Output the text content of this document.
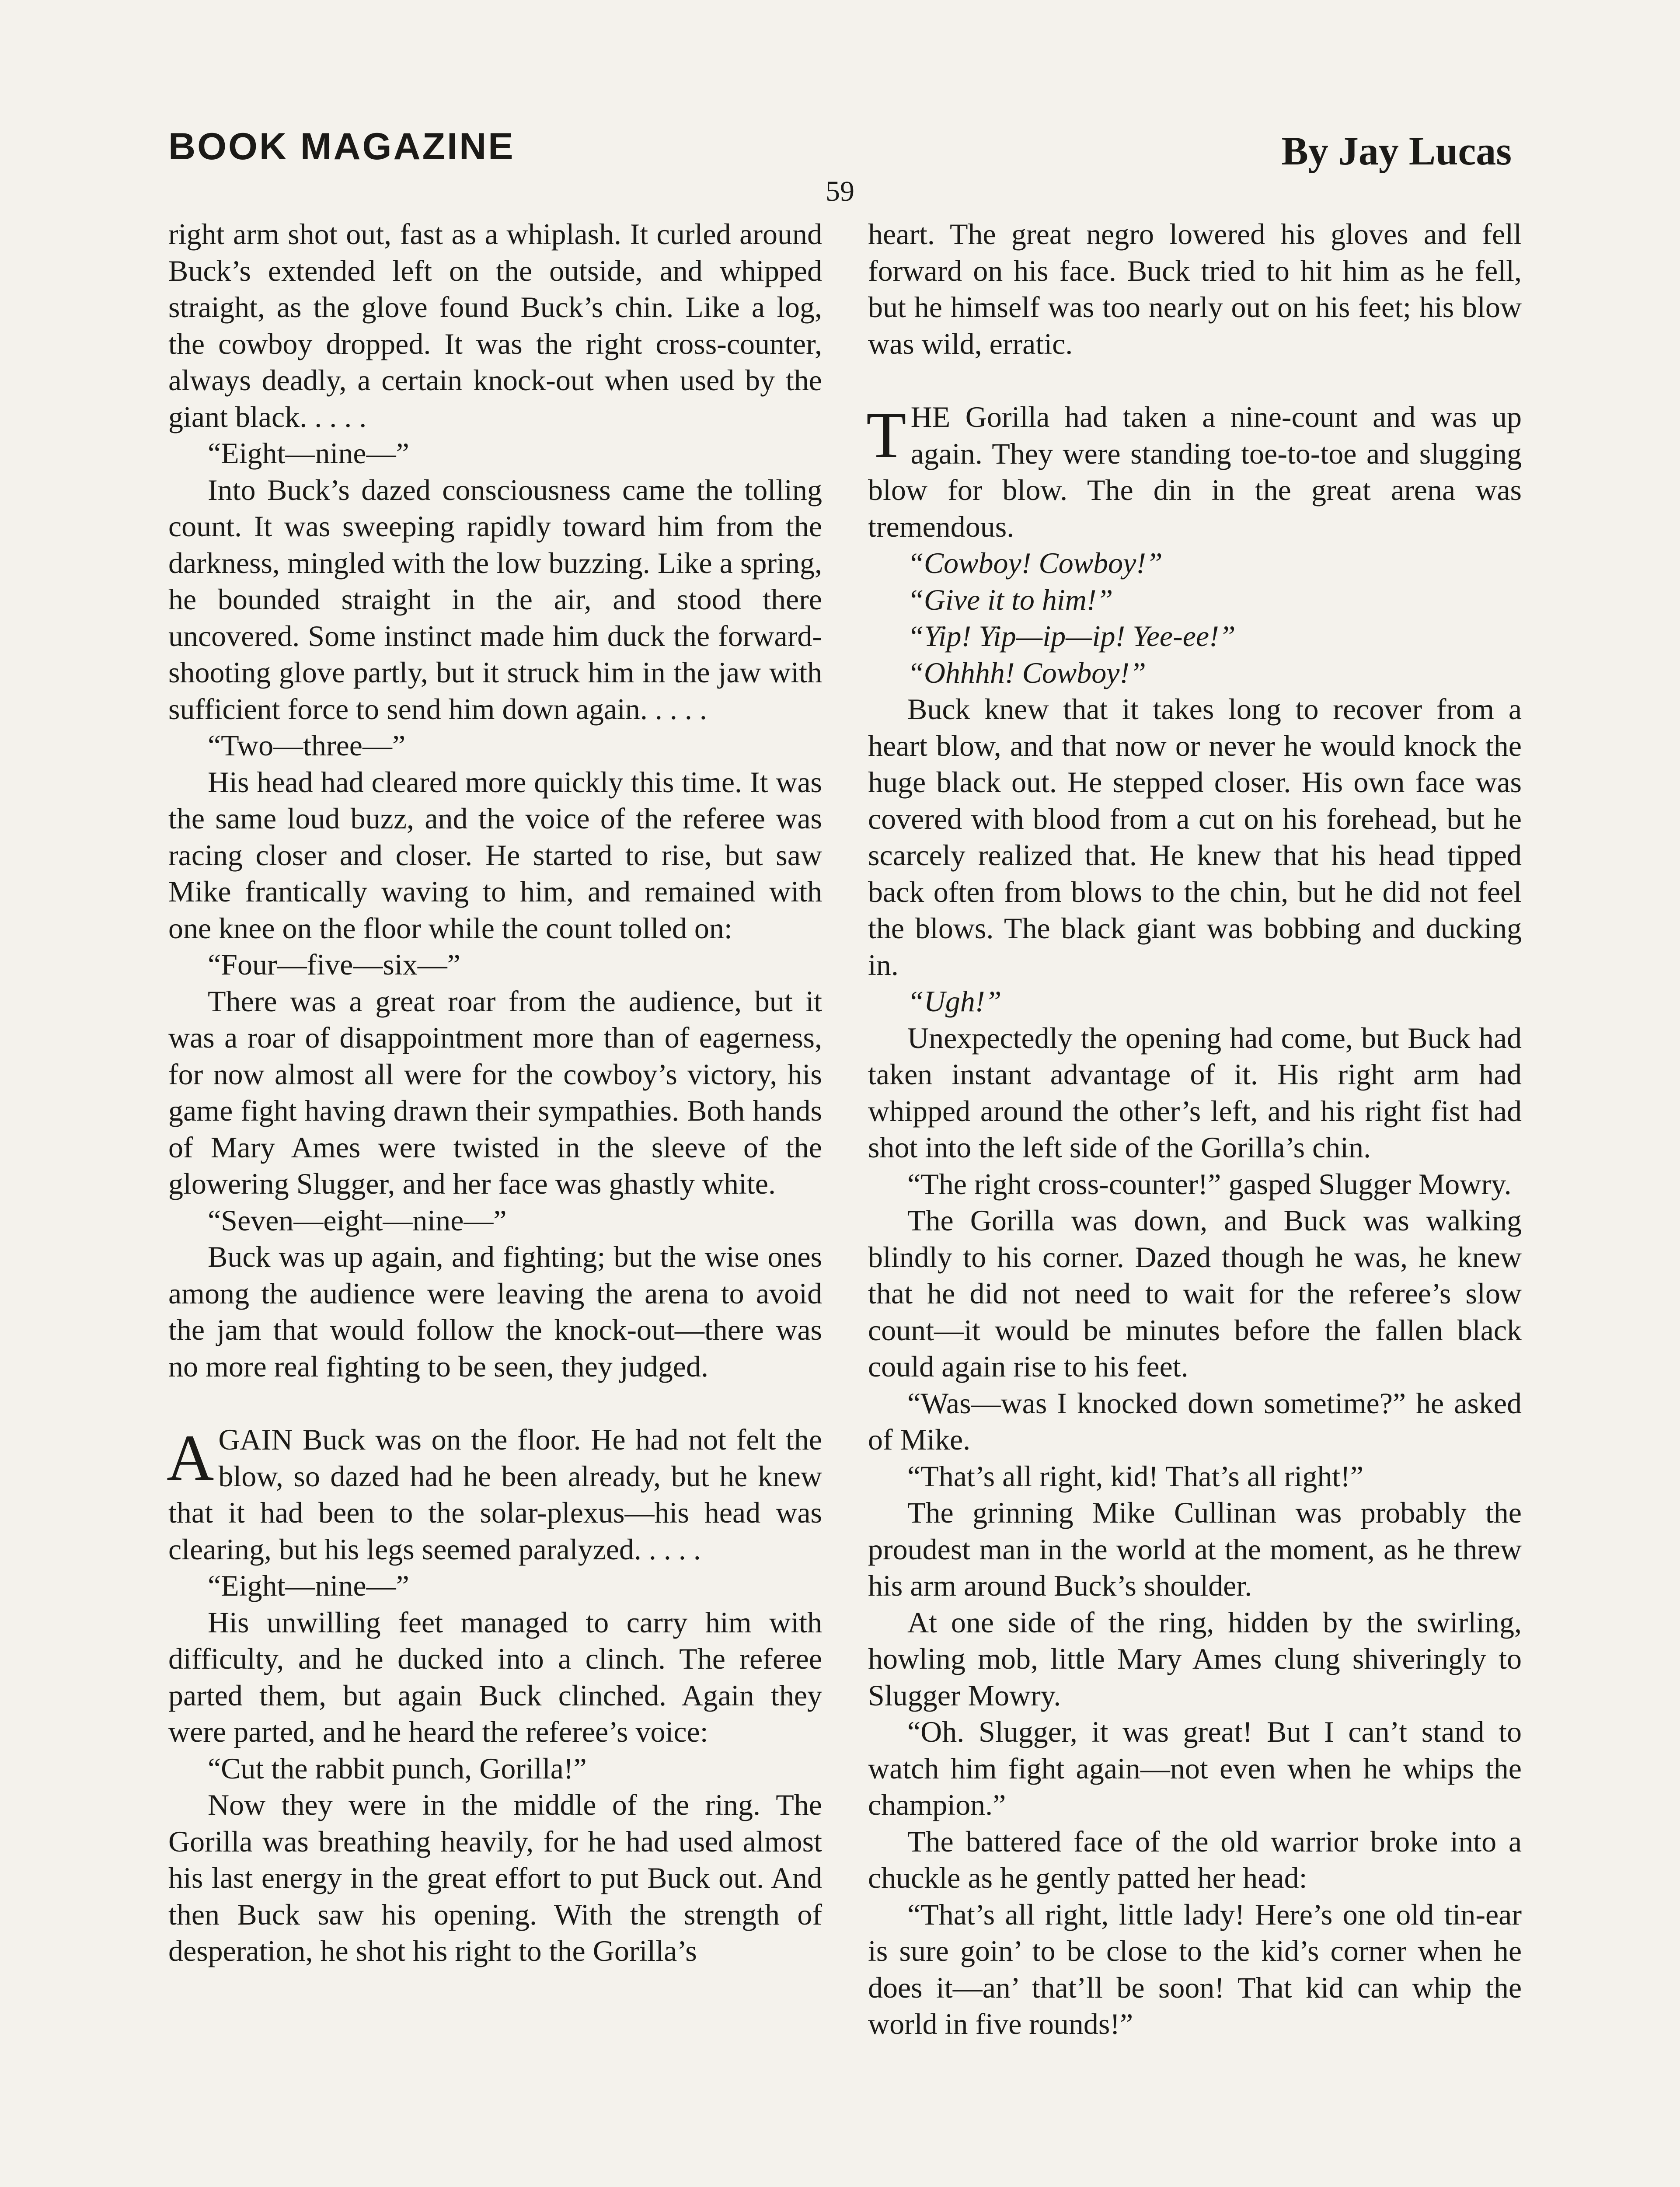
BOOK MAGAZINE	By Jay Lucas
59

right arm shot out, fast as a whiplash. It curled around Buck’s extended left on the outside, and whipped straight, as the glove found Buck’s chin. Like a log, the cowboy dropped. It was the right cross-counter, always deadly, a certain knock-out when used by the giant black. . . . .

“Eight—nine—”

Into Buck’s dazed consciousness came the tolling count. It was sweeping rapidly toward him from the darkness, mingled with the low buzzing. Like a spring, he bounded straight in the air, and stood there uncovered. Some instinct made him duck the forward-shooting glove partly, but it struck him in the jaw with sufficient force to send him down again. . . . .

“Two—three—”

His head had cleared more quickly this time. It was the same loud buzz, and the voice of the referee was racing closer and closer. He started to rise, but saw Mike frantically waving to him, and remained with one knee on the floor while the count tolled on:

“Four—five—six—”

There was a great roar from the audience, but it was a roar of disappointment more than of eagerness, for now almost all were for the cowboy’s victory, his game fight having drawn their sympathies. Both hands of Mary Ames were twisted in the sleeve of the glowering Slugger, and her face was ghastly white.

“Seven—eight—nine—”

Buck was up again, and fighting; but the wise ones among the audience were leaving the arena to avoid the jam that would follow the knock-out—there was no more real fighting to be seen, they judged.

AGAIN Buck was on the floor. He had not felt the blow, so dazed had he been already, but he knew that it had been to the solar-plexus—his head was clearing, but his legs seemed paralyzed. . . . .

“Eight—nine—”

His unwilling feet managed to carry him with difficulty, and he ducked into a clinch. The referee parted them, but again Buck clinched. Again they were parted, and he heard the referee’s voice:

“Cut the rabbit punch, Gorilla!”

Now they were in the middle of the ring. The Gorilla was breathing heavily, for he had used almost his last energy in the great effort to put Buck out. And then Buck saw his opening. With the strength of desperation, he shot his right to the Gorilla’s

heart. The great negro lowered his gloves and fell forward on his face. Buck tried to hit him as he fell, but he himself was too nearly out on his feet; his blow was wild, erratic.

THE Gorilla had taken a nine-count and was up again. They were standing toe-to-toe and slugging blow for blow. The din in the great arena was tremendous.

“Cowboy! Cowboy!”

“Give it to him!”

“Yip! Yip—ip—ip! Yee-ee!”

“Ohhhh! Cowboy!”

Buck knew that it takes long to recover from a heart blow, and that now or never he would knock the huge black out. He stepped closer. His own face was covered with blood from a cut on his forehead, but he scarcely realized that. He knew that his head tipped back often from blows to the chin, but he did not feel the blows. The black giant was bobbing and ducking in.

“Ugh!”

Unexpectedly the opening had come, but Buck had taken instant advantage of it. His right arm had whipped around the other’s left, and his right fist had shot into the left side of the Gorilla’s chin.

“The right cross-counter!” gasped Slugger Mowry.

The Gorilla was down, and Buck was walking blindly to his corner. Dazed though he was, he knew that he did not need to wait for the referee’s slow count—it would be minutes before the fallen black could again rise to his feet.

“Was—was I knocked down sometime?” he asked of Mike.

“That’s all right, kid! That’s all right!”

The grinning Mike Cullinan was probably the proudest man in the world at the moment, as he threw his arm around Buck’s shoulder.

At one side of the ring, hidden by the swirling, howling mob, little Mary Ames clung shiveringly to Slugger Mowry.

“Oh. Slugger, it was great! But I can’t stand to watch him fight again—not even when he whips the champion.”

The battered face of the old warrior broke into a chuckle as he gently patted her head:

“That’s all right, little lady! Here’s one old tin-ear is sure goin’ to be close to the kid’s corner when he does it—an’ that’ll be soon! That kid can whip the world in five rounds!”
